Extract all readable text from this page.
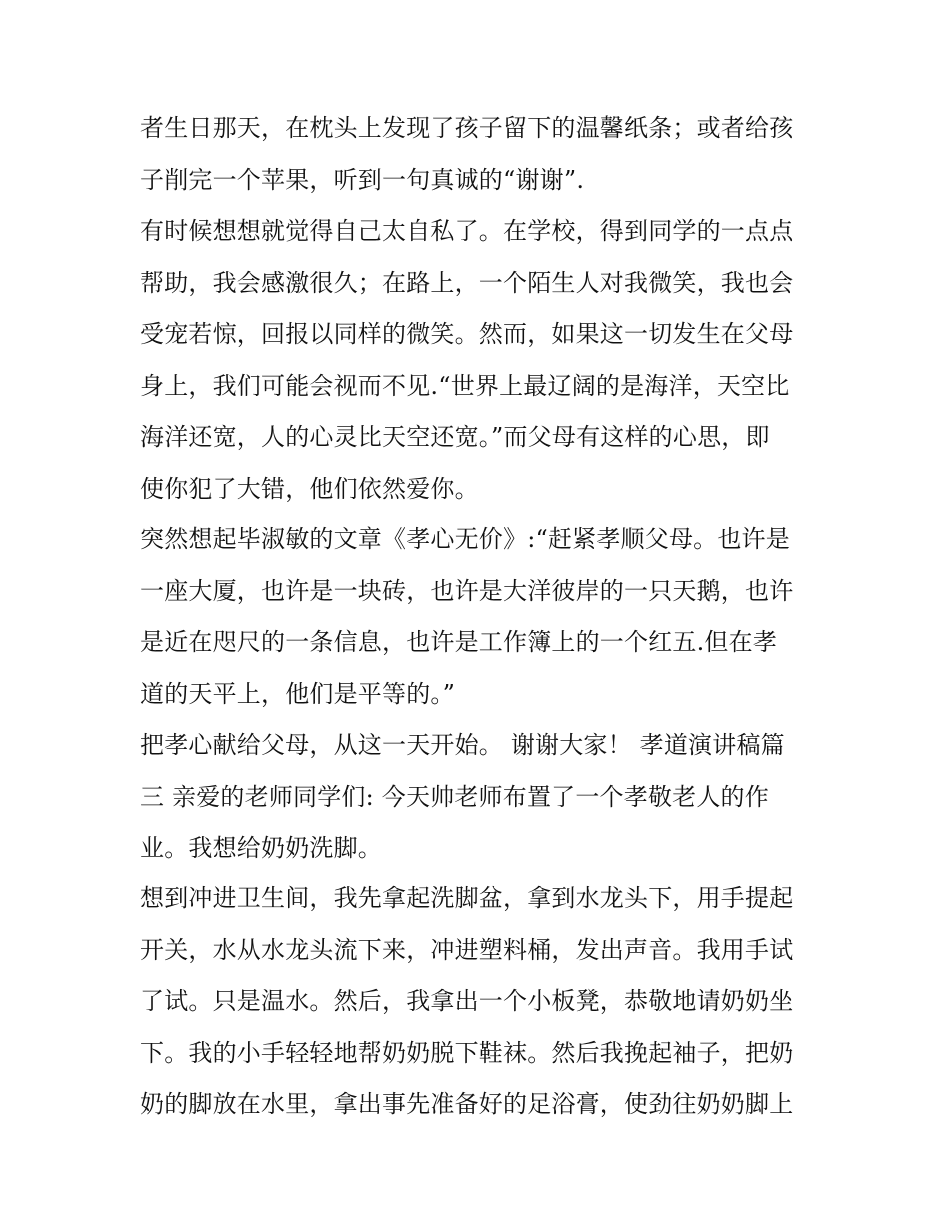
者生日那天，在枕头上发现了孩子留下的温馨纸条；或者给孩
子削完一个苹果，听到一句真诚的“谢谢”.
有时候想想就觉得自己太自私了。在学校，得到同学的一点点
帮助，我会感激很久；在路上，一个陌生人对我微笑，我也会
受宠若惊，回报以同样的微笑。然而，如果这一切发生在父母
身上，我们可能会视而不见.“世界上最辽阔的是海洋，天空比
海洋还宽，人的心灵比天空还宽。”而父母有这样的心思，即
使你犯了大错，他们依然爱你。
突然想起毕淑敏的文章《孝心无价》:“赶紧孝顺父母。也许是
一座大厦，也许是一块砖，也许是大洋彼岸的一只天鹅，也许
是近在咫尺的一条信息，也许是工作簿上的一个红五.但在孝
道的天平上，他们是平等的。”
把孝心献给父母，从这一天开始。 谢谢大家！ 孝道演讲稿篇
三 亲爱的老师同学们: 今天帅老师布置了一个孝敬老人的作
业。我想给奶奶洗脚。
想到冲进卫生间，我先拿起洗脚盆，拿到水龙头下，用手提起
开关，水从水龙头流下来，冲进塑料桶，发出声音。我用手试
了试。只是温水。然后，我拿出一个小板凳，恭敬地请奶奶坐
下。我的小手轻轻地帮奶奶脱下鞋袜。然后我挽起袖子，把奶
奶的脚放在水里，拿出事先准备好的足浴膏，使劲往奶奶脚上
